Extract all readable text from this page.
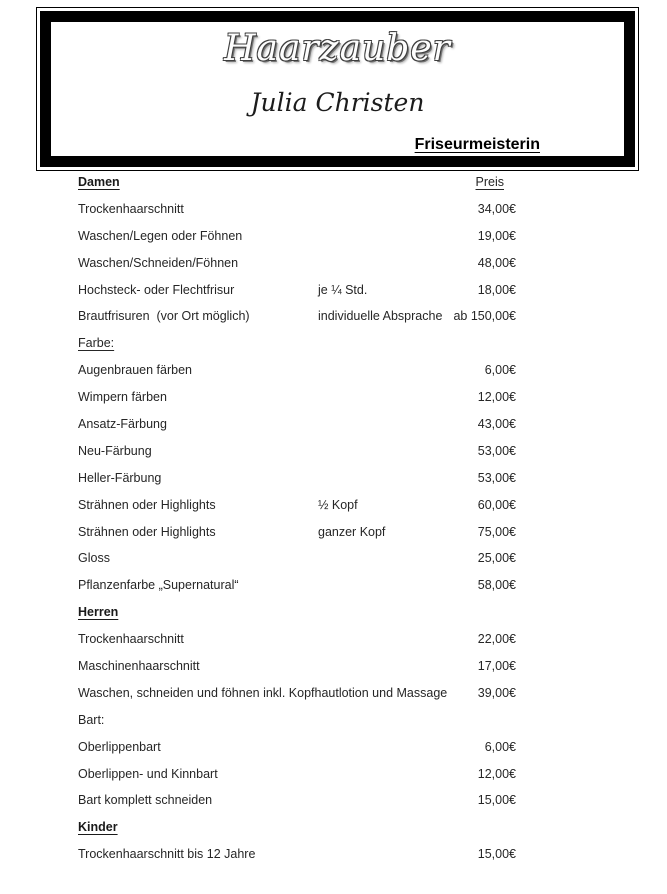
Haarzauber
Julia Christen
Friseurmeisterin
Damen	Preis
Trockenhaarschnitt	34,00€
Waschen/Legen oder Föhnen	19,00€
Waschen/Schneiden/Föhnen	48,00€
Hochsteck- oder Flechtfrisur	je ¼ Std.	18,00€
Brautfrisuren  (vor Ort möglich)	individuelle Absprache ab 150,00€
Farbe:
Augenbrauen färben	6,00€
Wimpern färben	12,00€
Ansatz-Färbung	43,00€
Neu-Färbung	53,00€
Heller-Färbung	53,00€
Strähnen oder Highlights	½ Kopf	60,00€
Strähnen oder Highlights	ganzer Kopf	75,00€
Gloss	25,00€
Pflanzenfarbe „Supernatural“	58,00€
Herren
Trockenhaarschnitt	22,00€
Maschinenhaarschnitt	17,00€
Waschen, schneiden und föhnen inkl. Kopfhautlotion und Massage 39,00€
Bart:
Oberlippenbart	6,00€
Oberlippen- und Kinnbart	12,00€
Bart komplett schneiden	15,00€
Kinder
Trockenhaarschnitt bis 12 Jahre	15,00€
